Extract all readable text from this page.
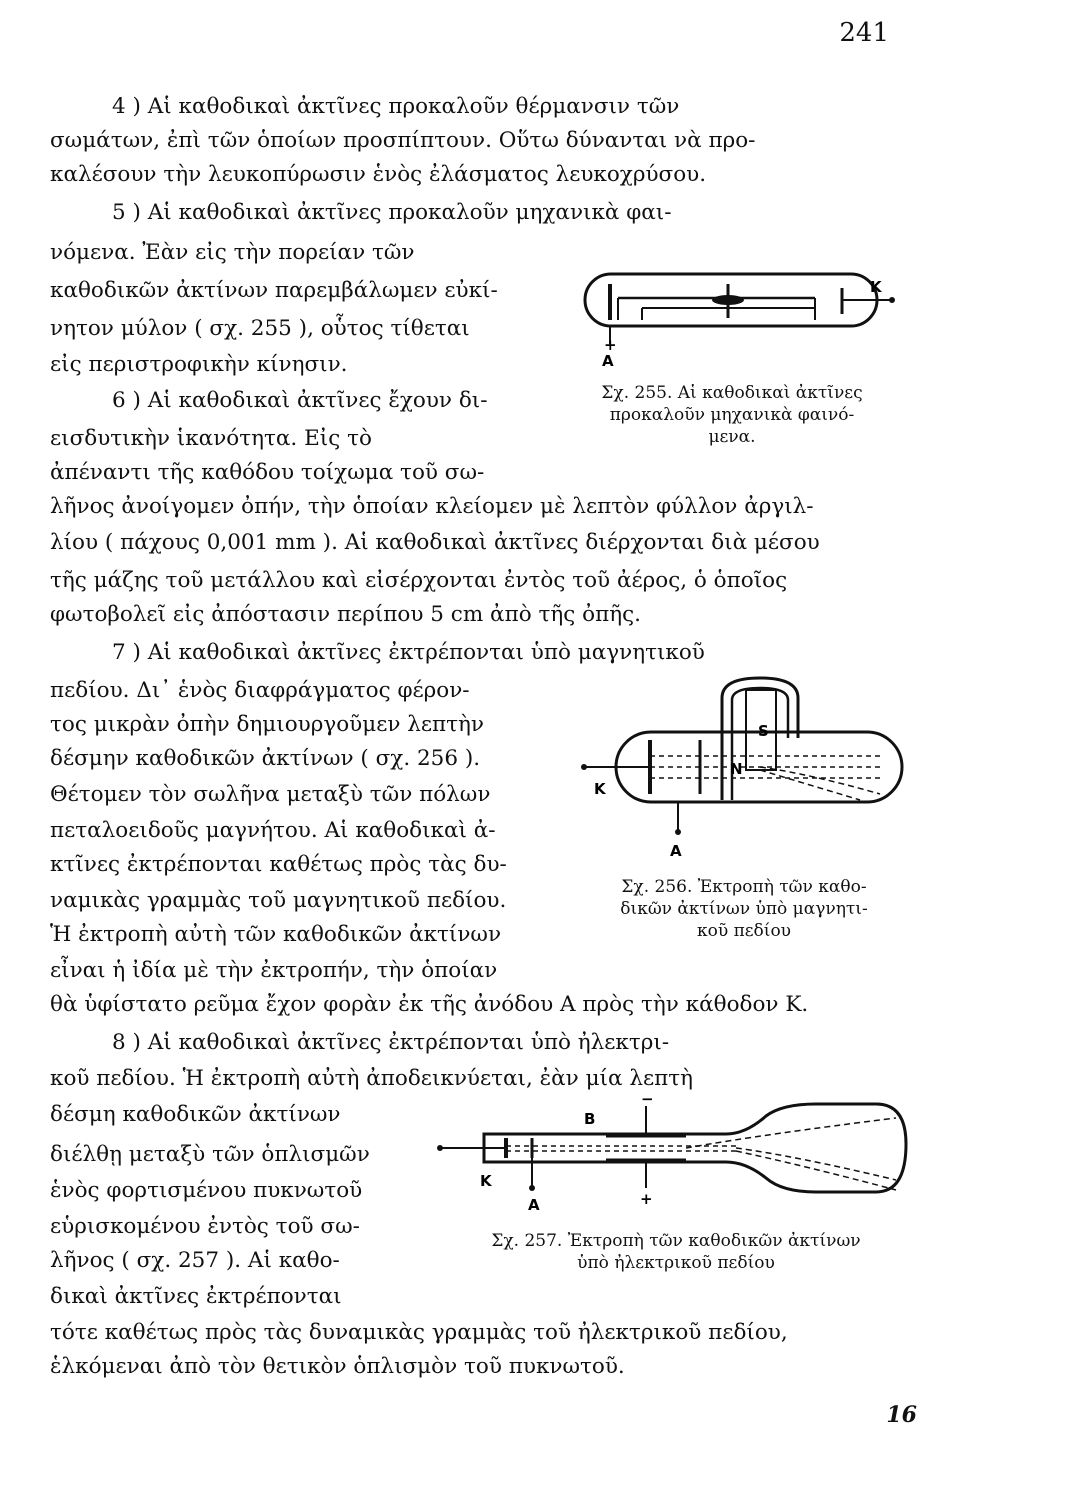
241
4 ) Αἱ καθοδικαὶ ἀκτῖνες προκαλοῦν θέρμανσιν τῶν
σωμάτων, ἐπὶ τῶν ὁποίων προσπίπτουν. Οὕτω δύνανται νὰ προ-
καλέσουν τὴν λευκοπύρωσιν ἑνὸς ἐλάσματος λευκοχρύσου.
5 ) Αἱ καθοδικαὶ ἀκτῖνες προκαλοῦν μηχανικὰ φαι-
νόμενα. Ἐὰν εἰς τὴν πορείαν τῶν
καθοδικῶν ἀκτίνων παρεμβάλωμεν εὐκί-
νητον μύλον ( σχ. 255 ), οὗτος τίθεται
εἰς περιστροφικὴν κίνησιν.
6 ) Αἱ καθοδικαὶ ἀκτῖνες ἔχουν δι-
εισδυτικὴν ἱκανότητα. Εἰς τὸ
ἀπέναντι τῆς καθόδου τοίχωμα τοῦ σω-
λῆνος ἀνοίγομεν ὀπήν, τὴν ὁποίαν κλείομεν μὲ λεπτὸν φύλλον ἀργιλ-
λίου ( πάχους 0,001 mm ). Αἱ καθοδικαὶ ἀκτῖνες διέρχονται διὰ μέσου
τῆς μάζης τοῦ μετάλλου καὶ εἰσέρχονται ἐντὸς τοῦ ἀέρος, ὁ ὁποῖος
φωτοβολεῖ εἰς ἀπόστασιν περίπου 5 cm ἀπὸ τῆς ὀπῆς.
7 ) Αἱ καθοδικαὶ ἀκτῖνες ἐκτρέπονται ὑπὸ μαγνητικοῦ
πεδίου. Δι᾽ ἑνὸς διαφράγματος φέρον-
τος μικρὰν ὀπὴν δημιουργοῦμεν λεπτὴν
δέσμην καθοδικῶν ἀκτίνων ( σχ. 256 ).
Θέτομεν τὸν σωλῆνα μεταξὺ τῶν πόλων
πεταλοειδοῦς μαγνήτου. Αἱ καθοδικαὶ ἀ-
κτῖνες ἐκτρέπονται καθέτως πρὸς τὰς δυ-
ναμικὰς γραμμὰς τοῦ μαγνητικοῦ πεδίου.
Ἡ ἐκτροπὴ αὐτὴ τῶν καθοδικῶν ἀκτίνων
εἶναι ἡ ἰδία μὲ τὴν ἐκτροπήν, τὴν ὁποίαν
θὰ ὑφίστατο ρεῦμα ἔχον φορὰν ἐκ τῆς ἀνόδου Α πρὸς τὴν κάθοδον Κ.
8 ) Αἱ καθοδικαὶ ἀκτῖνες ἐκτρέπονται ὑπὸ ἠλεκτρι-
κοῦ πεδίου. Ἡ ἐκτροπὴ αὐτὴ ἀποδεικνύεται, ἐὰν μία λεπτὴ
δέσμη καθοδικῶν ἀκτίνων
διέλθῃ μεταξὺ τῶν ὁπλισμῶν
ἑνὸς φορτισμένου πυκνωτοῦ
εὑρισκομένου ἐντὸς τοῦ σω-
λῆνος ( σχ. 257 ). Αἱ καθο-
δικαὶ ἀκτῖνες ἐκτρέπονται
τότε καθέτως πρὸς τὰς δυναμικὰς γραμμὰς τοῦ ἠλεκτρικοῦ πεδίου,
ἑλκόμεναι ἀπὸ τὸν θετικὸν ὁπλισμὸν τοῦ πυκνωτοῦ.
K
+
A
Σχ. 255. Αἱ καθοδικαὶ ἀκτῖνες
προκαλοῦν μηχανικὰ φαινό-
μενα.
K
A
S
N
Σχ. 256. Ἐκτροπὴ τῶν καθο-
δικῶν ἀκτίνων ὑπὸ μαγνητι-
κοῦ πεδίου
B
−
+
K
A
Σχ. 257. Ἐκτροπὴ τῶν καθοδικῶν ἀκτίνων
ὑπὸ ἠλεκτρικοῦ πεδίου
16
